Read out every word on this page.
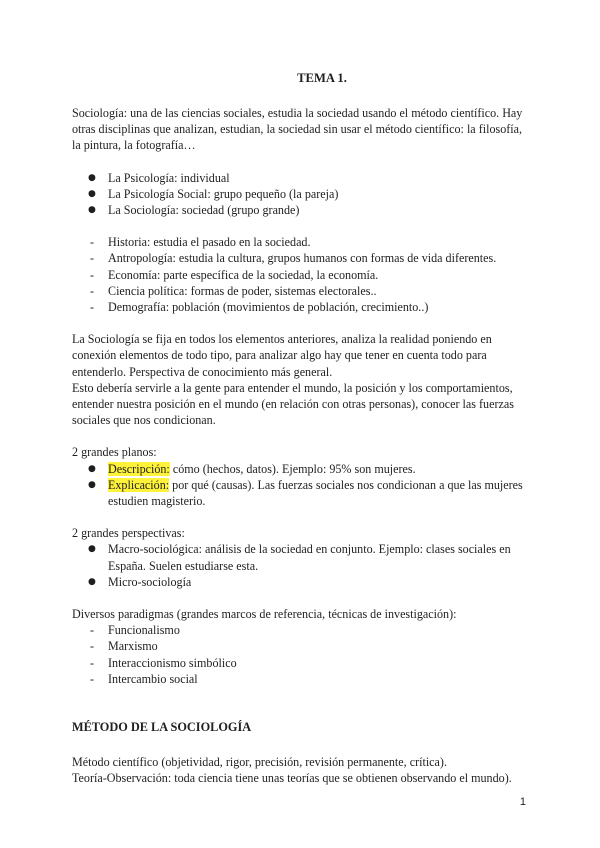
TEMA 1.

Sociología: una de las ciencias sociales, estudia la sociedad usando el método científico. Hay otras disciplinas que analizan, estudian, la sociedad sin usar el método científico: la filosofía, la pintura, la fotografía…

● La Psicología: individual
● La Psicología Social: grupo pequeño (la pareja)
● La Sociología: sociedad (grupo grande)
- Historia: estudia el pasado en la sociedad.
- Antropología: estudia la cultura, grupos humanos con formas de vida diferentes.
- Economía: parte específica de la sociedad, la economía.
- Ciencia política: formas de poder, sistemas electorales..
- Demografía: población (movimientos de población, crecimiento..)

La Sociología se fija en todos los elementos anteriores, analiza la realidad poniendo en conexión elementos de todo tipo, para analizar algo hay que tener en cuenta todo para entenderlo. Perspectiva de conocimiento más general.

Esto debería servirle a la gente para entender el mundo, la posición y los comportamientos, entender nuestra posición en el mundo (en relación con otras personas), conocer las fuerzas sociales que nos condicionan.

2 grandes planos:

● Descripción: cómo (hechos, datos). Ejemplo: 95% son mujeres.
● Explicación: por qué (causas). Las fuerzas sociales nos condicionan a que las mujeres estudien magisterio.

2 grandes perspectivas:

● Macro-sociológica: análisis de la sociedad en conjunto. Ejemplo: clases sociales en España. Suelen estudiarse esta.
● Micro-sociología

Diversos paradigmas (grandes marcos de referencia, técnicas de investigación):

- Funcionalismo
- Marxismo
- Interaccionismo simbólico
- Intercambio social
MÉTODO DE LA SOCIOLOGÍA

Método científico (objetividad, rigor, precisión, revisión permanente, crítica).

Teoría-Observación: toda ciencia tiene unas teorías que se obtienen observando el mundo).

1
